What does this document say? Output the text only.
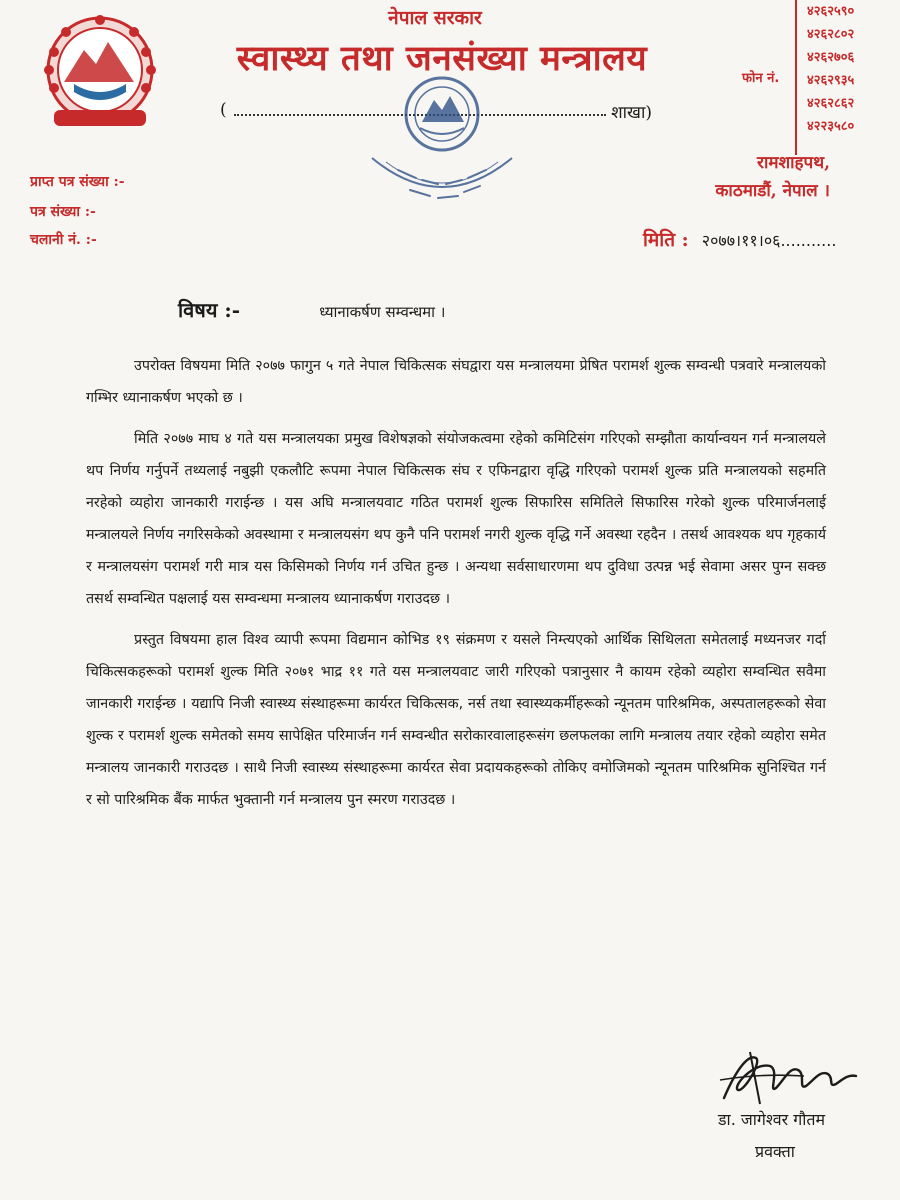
नेपाल सरकार
स्वास्थ्य तथा जनसंख्या मन्त्रालय
(	शाखा)
फोन नं.
४२६२५९०
४२६२८०२
४२६२७०६
४२६२९३५
४२६२८६२
४२२३५८०
रामशाहपथ,
काठमाडौं, नेपाल ।
प्राप्त पत्र संख्या :-
पत्र संख्या :-
चलानी नं. :-	मिति : २०७७।११।०६...........
विषय :-	ध्यानाकर्षण सम्वन्धमा ।

उपरोक्त विषयमा मिति २०७७ फागुन ५ गते नेपाल चिकित्सक संघद्वारा यस मन्त्रालयमा प्रेषित परामर्श शुल्क सम्वन्धी पत्रवारे मन्त्रालयको गम्भिर ध्यानाकर्षण भएको छ ।

मिति २०७७ माघ ४ गते यस मन्त्रालयका प्रमुख विशेषज्ञको संयोजकत्वमा रहेको कमिटिसंग गरिएको सम्झौता कार्यान्वयन गर्न मन्त्रालयले थप निर्णय गर्नुपर्ने तथ्यलाई नबुझी एकलौटि रूपमा नेपाल चिकित्सक संघ र एफिनद्वारा वृद्धि गरिएको परामर्श शुल्क प्रति मन्त्रालयको सहमति नरहेको व्यहोरा जानकारी गराईन्छ । यस अघि मन्त्रालयवाट गठित परामर्श शुल्क सिफारिस समितिले सिफारिस गरेको शुल्क परिमार्जनलाई मन्त्रालयले निर्णय नगरिसकेको अवस्थामा र मन्त्रालयसंग थप कुनै पनि परामर्श नगरी शुल्क वृद्धि गर्ने अवस्था रहदैन । तसर्थ आवश्यक थप गृहकार्य र मन्त्रालयसंग परामर्श गरी मात्र यस किसिमको निर्णय गर्न उचित हुन्छ । अन्यथा सर्वसाधारणमा थप दुविधा उत्पन्न भई सेवामा असर पुग्न सक्छ तसर्थ सम्वन्धित पक्षलाई यस सम्वन्धमा मन्त्रालय ध्यानाकर्षण गराउदछ ।

प्रस्तुत विषयमा हाल विश्व व्यापी रूपमा विद्यमान कोभिड १९ संक्रमण र यसले निम्त्यएको आर्थिक सिथिलता समेतलाई मध्यनजर गर्दा चिकित्सकहरूको परामर्श शुल्क मिति २०७१ भाद्र ११ गते यस मन्त्रालयवाट जारी गरिएको पत्रानुसार नै कायम रहेको व्यहोरा सम्वन्धित सवैमा जानकारी गराईन्छ । यद्यापि निजी स्वास्थ्य संस्थाहरूमा कार्यरत चिकित्सक, नर्स तथा स्वास्थ्यकर्मीहरूको न्यूनतम पारिश्रमिक, अस्पतालहरूको सेवा शुल्क र परामर्श शुल्क समेतको समय सापेक्षित परिमार्जन गर्न सम्वन्धीत सरोकारवालाहरूसंग छलफलका लागि मन्त्रालय तयार रहेको व्यहोरा समेत मन्त्रालय जानकारी गराउदछ । साथै निजी स्वास्थ्य संस्थाहरूमा कार्यरत सेवा प्रदायकहरूको तोकिए वमोजिमको न्यूनतम पारिश्रमिक सुनिश्चित गर्न र सो पारिश्रमिक बैंक मार्फत भुक्तानी गर्न मन्त्रालय पुन स्मरण गराउदछ ।

डा. जागेश्वर गौतम
प्रवक्ता
